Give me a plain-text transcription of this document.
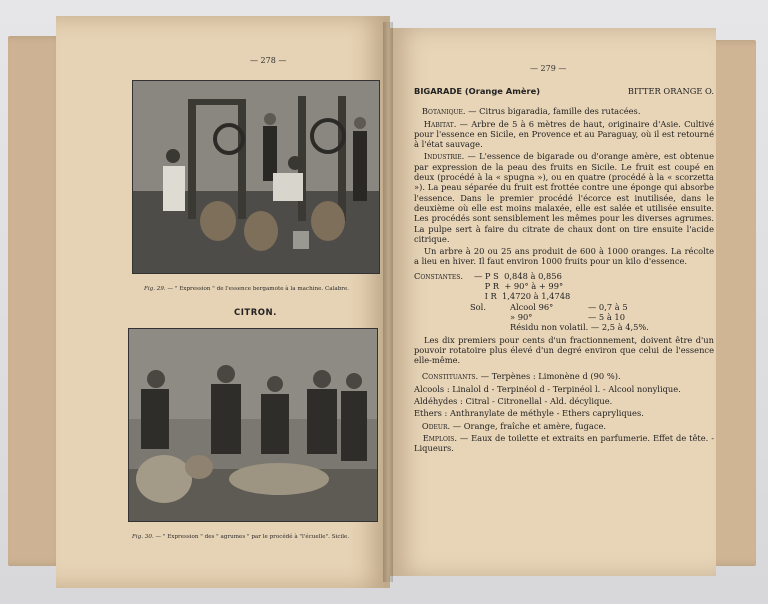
— 278 —
Fig. 29. — " Expression " de l'essence bergamote à la machine. Calabre.
CITRON.
Fig. 30. — " Expression " des " agrumes " par le procédé à "l'écuelle". Sicile.
— 279 —
BIGARADE (Orange Amère)	BITTER ORANGE O.

Botanique. — Citrus bigaradia, famille des rutacées.

Habitat. — Arbre de 5 à 6 mètres de haut, originaire d'Asie. Cultivé pour l'essence en Sicile, en Provence et au Paraguay, où il est retourné à l'état sauvage.

Industrie. — L'essence de bigarade ou d'orange amère, est obtenue par expression de la peau des fruits en Sicile. Le fruit est coupé en deux (procédé à la « spugna »), ou en quatre (procédé à la « scorzetta »). La peau séparée du fruit est frottée contre une éponge qui absorbe l'essence. Dans le premier procédé l'écorce est inutilisée, dans le deuxième où elle est moins malaxée, elle est salée et utilisée ensuite. Les procédés sont sensiblement les mêmes pour les diverses agrumes. La pulpe sert à faire du citrate de chaux dont on tire ensuite l'acide citrique.

Un arbre à 20 ou 25 ans produit de 600 à 1000 oranges. La récolte a lieu en hiver. Il faut environ 1000 fruits pour un kilo d'essence.

Constantes.	— P S 0,848 à 0,856
P R + 90° à + 99°
I R 1,4720 à 1,4748
Sol.	Alcool 96°	— 0,7 à 5
» 90°	— 5 à 10
Résidu non volatil. — 2,5 à 4,5%.

Les dix premiers pour cents d'un fractionnement, doivent être d'un pouvoir rotatoire plus élevé d'un degré environ que celui de l'essence elle-même.

Constituants. — Terpènes : Limonène d (90 %).

Alcools : Linalol d - Terpinéol d - Terpinéol l. - Alcool nonylique.

Aldéhydes : Citral - Citronellal - Ald. décylique.

Ethers : Anthranylate de méthyle - Ethers capryliques.

Odeur. — Orange, fraîche et amère, fugace.

Emplois. — Eaux de toilette et extraits en parfumerie. Effet de tête. - Liqueurs.
